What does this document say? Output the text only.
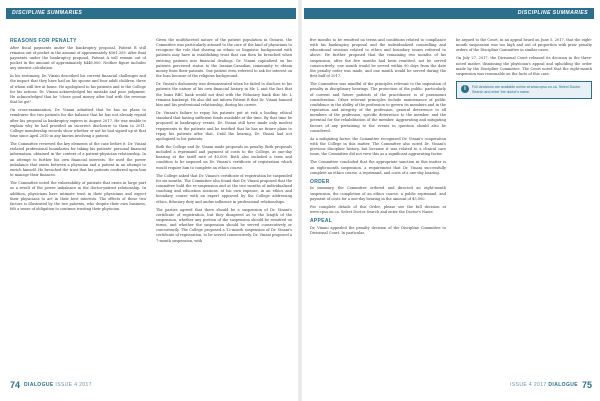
DISCIPLINE SUMMARIES
REASONS FOR PENALTY

After fiscal payments under the bankruptcy proposal, Patient B still remains out of pocket in the amount of approximately $561,359. After final payments under the bankruptcy proposal, Patient A will remain out of pocket in the amount of approximately $446,000. Neither figure includes any interest calculation.

In his testimony, Dr. Vinani described his current financial challenges and the impact that they have had on his spouse and four adult children, three of whom still live at home. He apologized to his patients and to the College for his actions. Dr. Vinani acknowledged his mistake and poor judgment. He acknowledged that he "chose good money after bad with the revenue that he got".

On cross-examination, Dr. Vinani admitted that he has no plans to reimburse the two patients for the balance that he has not already repaid after his proposal in bankruptcy expires in August 2017. He was unable to explain why he had provided an incorrect disclosure to them in 2011. College membership records show whether or not he had signed up at that time since April 2010 in any known involving a patient.

The Committee reviewed the key elements of the case before it. Dr. Vinani violated professional boundaries for taking his patients' personal financial information, obtained in the context of a patient-physician relationship. In an attempt to further his own financial interests. He used the power imbalance that exists between a physician and a patient in an attempt to enrich himself. He breached the trust that his patients conferred upon him to manage their finances.

The Committee noted the vulnerability of patients that exists in large part as a result of the power imbalance in the doctor-patient relationship. In addition, physicians have intimate trust in their physicians and expect their physicians to act in their best interests. The effects of these two factors is illustrated by the two patients, who despite their own business, felt a sense of obligation to continue trusting their physician.

Given the multifaceted nature of the patient population in Ontario, the Committee was particularly attuned to the care of the kind of physicians to recognize the role that sharing an ethnic or linguistic background with patients may have in establishing trust that can then be breached when enticing patients into financial dealings. Dr. Vinani capitalized on his patients perceived status to the Iranian-Canadian community to obtain money from their patients. One patient even referred to ask for interest on the loan because of the religious background.

Dr. Vinani's dishonesty was demonstrated when he failed to disclose to his patients the nature of his own financial history in Mr. L and the fact that the loans RBC bank would not deal with the Fiduciary bank that Mr. L remains bankrupt. He also did not inform Patient B that Dr. Vinani banned him and his professional relationship, during his career.

Dr. Vinani's failure to repay his patients put at risk a leading ethical standard that having sufficient funds available at the time. By that time he proposed in bankruptcy events, Dr. Vinani still have made only modest repayments to the patients and he testified that he has no future plans to repay his patients after that. Until the hearing, Dr. Vinani had not apologized to his patients.

Both the College and Dr. Vinani made proposals on penalty. Both proposals included a reprimand and payment of costs to the College, at one-day hearing at the tariff rate of $5,000. Both also included a term and condition to be imposed on Dr. Vinani's certificate of registration which would require him to complete an ethics course.

The College asked that Dr. Vinani's certificate of registration be suspended for six months. The Committee also found that Dr. Vinani proposed that the committee hold the re-suspension and at the two months of individualized coaching and education sessions, at his own expense, in an ethics and boundary course with an expert approved by the College addressing ethics, fiduciary duty and undue influence in professional relationships.

The parties agreed that there should be a suspension of Dr. Vinani's certificate of registration, but they disagreed as to the length of the suspension, whether any portion of the suspension should be remitted on terms, and whether the suspension should be served consecutively or concurrently. The College proposed a 12-month suspension of Dr. Vinani's certificate of registration, to be served consecutively. Dr. Vinani proposed a 7-month suspension, with

74 DIALOGUE ISSUE 4 2017
DISCIPLINE SUMMARIES

five months to be remitted on terms and conditions related to compliance with his bankruptcy proposal and the individualized counselling and educational sessions related to ethics and boundary issues referred to above. He further proposed that the remaining two months of his suspension, after the five months had been remitted, not be served consecutively; one month would be served within 90 days from the date the penalty order was made, and one month would be served during the first half of 2017.

The Committee was mindful of the principles relevant to the imposition of penalty in disciplinary hearings. The protection of the public, particularly of current and future patients of the practitioner, is of paramount consideration. Other relevant principles include maintenance of public confidence in the ability of the profession to govern its members and in the reputation and integrity of the profession, general deterrence to all members of the profession, specific deterrence to the member, and the potential for the rehabilitation of the member. Aggravating and mitigating factors of any pertaining to the events in question should also be considered.

As a mitigating factor, the Committee recognized Dr. Vinani's cooperation with the College in this matter. The Committee also noted Dr. Vinani's previous discipline history, but because it was related to a clinical care issue, the Committee did not view this as a significant aggravating factor.

The Committee concluded that the appropriate sanction in this matter is an eight-month suspension, a requirement that Dr. Vinani successfully complete an ethics course, a reprimand, and costs of a one-day hearing.

ORDER

In summary, the Committee ordered and directed an eight-month suspension, the completion of an ethics course, a public reprimand, and payment of costs for a one-day hearing in the amount of $5,000.

For complete details of this Order, please see the full decision at www.cpso.on.ca. Select Doctor Search and enter the Doctor's Name.

APPEAL

Dr. Vinani appealed the penalty decision of the Discipline Committee to Divisional Court. In particular,

he argued to the Court, in an appeal heard on June 5, 2017, that the eight-month suspension was too high and out of proportion with prior penalty orders of the Discipline Committee in similar cases.

On July 27, 2017, the Divisional Court released its decision in the three-noted matter, dismissing the physician's appeal and upholding the order made by the Discipline Committee. The Court noted that the eight-month suspension was reasonable on the facts of this case.

i	Full decisions are available online at www.cpso.on.ca. Select Doctor Search and enter the doctor's name.
ISSUE 4 2017 DIALOGUE 75
